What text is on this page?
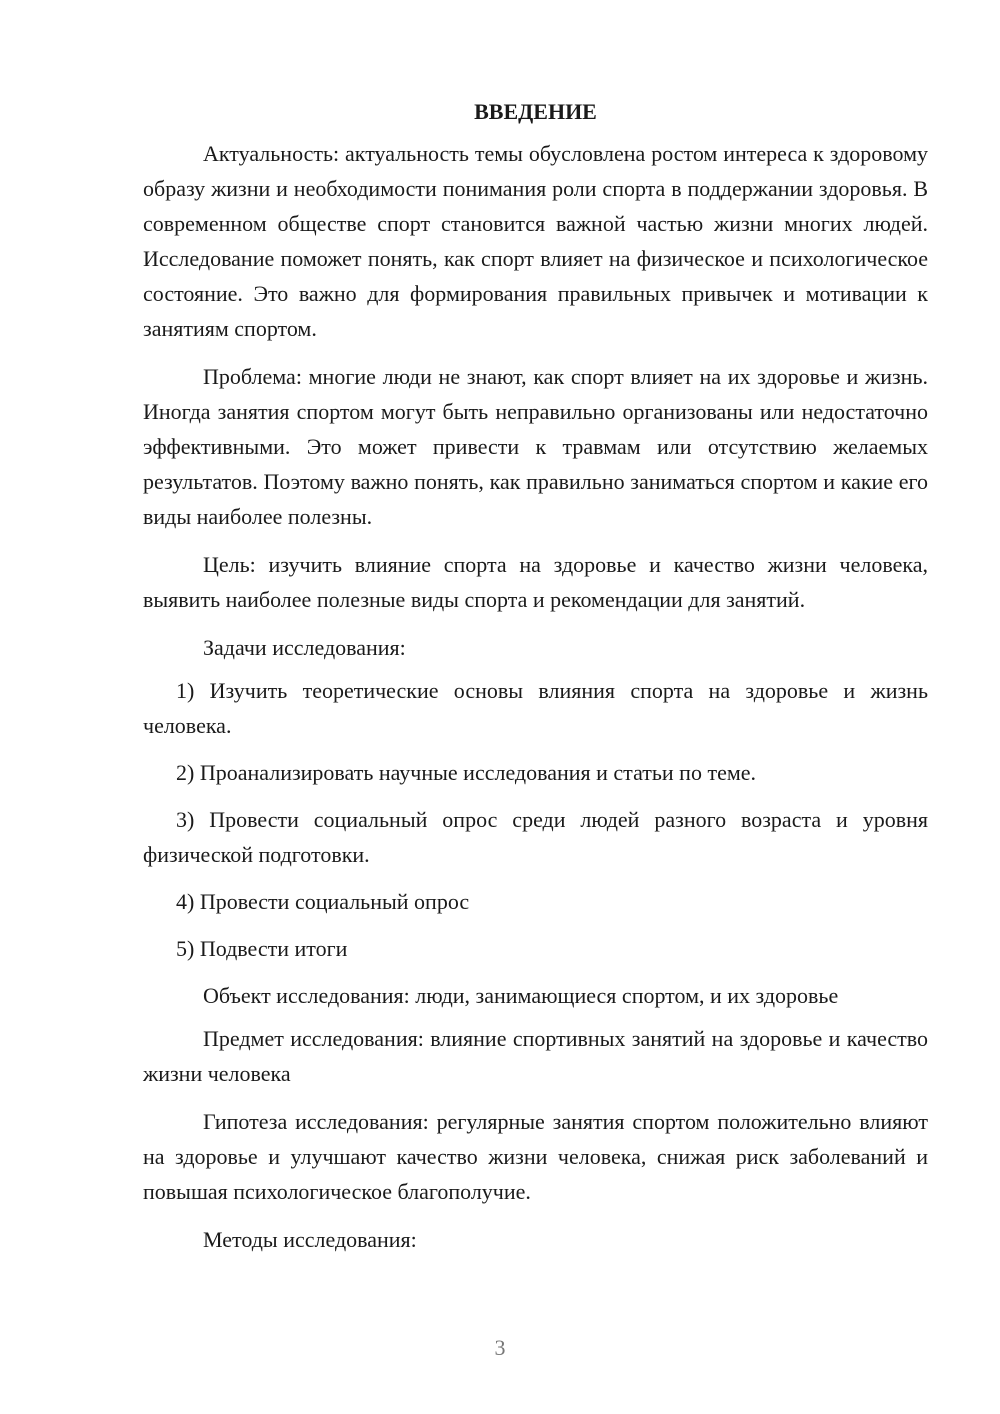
ВВЕДЕНИЕ

Актуальность: актуальность темы обусловлена ростом интереса к здоровому образу жизни и необходимости понимания роли спорта в поддержании здоровья. В современном обществе спорт становится важной частью жизни многих людей. Исследование поможет понять, как спорт влияет на физическое и психологическое состояние. Это важно для формирования правильных привычек и мотивации к занятиям спортом.

Проблема: многие люди не знают, как спорт влияет на их здоровье и жизнь. Иногда занятия спортом могут быть неправильно организованы или недостаточно эффективными. Это может привести к травмам или отсутствию желаемых результатов. Поэтому важно понять, как правильно заниматься спортом и какие его виды наиболее полезны.

Цель: изучить влияние спорта на здоровье и качество жизни человека, выявить наиболее полезные виды спорта и рекомендации для занятий.

Задачи исследования:

1) Изучить теоретические основы влияния спорта на здоровье и жизнь человека.

2) Проанализировать научные исследования и статьи по теме.

3) Провести социальный опрос среди людей разного возраста и уровня физической подготовки.

4) Провести социальный опрос

5) Подвести итоги

Объект исследования: люди, занимающиеся спортом, и их здоровье

Предмет исследования: влияние спортивных занятий на здоровье и качество жизни человека

Гипотеза исследования: регулярные занятия спортом положительно влияют на здоровье и улучшают качество жизни человека, снижая риск заболеваний и повышая психологическое благополучие.

Методы исследования:

3
